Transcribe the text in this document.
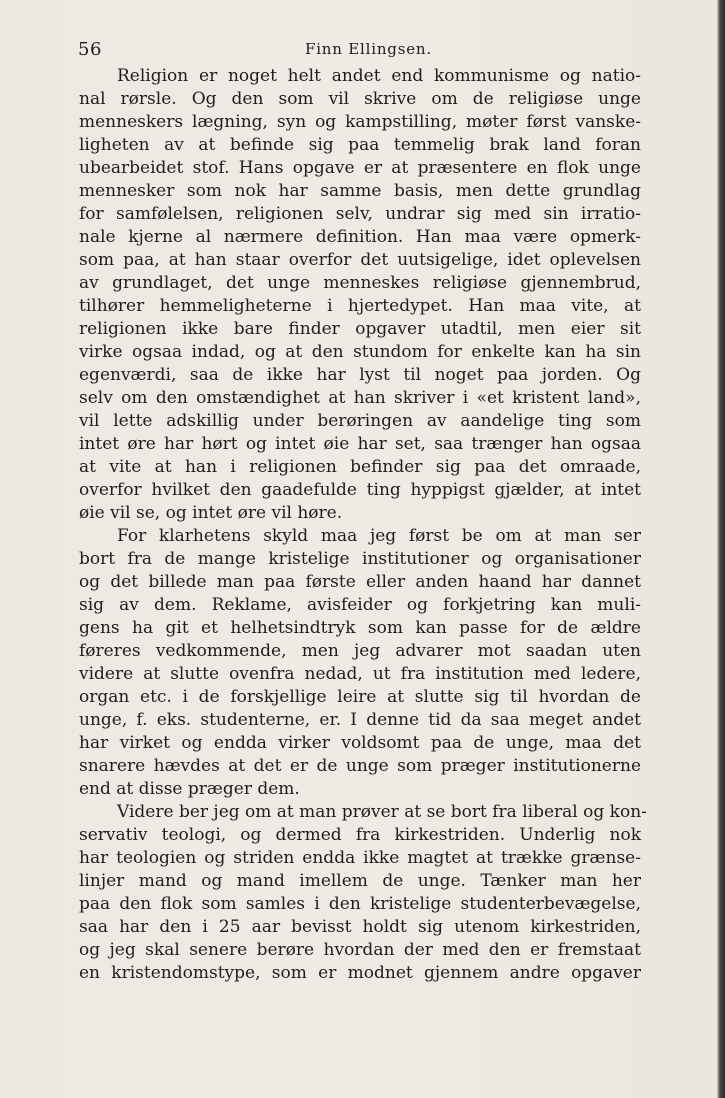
56	Finn Ellingsen.
Religion er noget helt andet end kommunisme og natio-
nal rørsle. Og den som vil skrive om de religiøse unge
menneskers lægning, syn og kampstilling, møter først vanske-
ligheten av at befinde sig paa temmelig brak land foran
ubearbeidet stof. Hans opgave er at præsentere en flok unge
mennesker som nok har samme basis, men dette grundlag
for samfølelsen, religionen selv, undrar sig med sin irratio-
nale kjerne al nærmere definition. Han maa være opmerk-
som paa, at han staar overfor det uutsigelige, idet oplevelsen
av grundlaget, det unge menneskes religiøse gjennembrud,
tilhører hemmeligheterne i hjertedypet. Han maa vite, at
religionen ikke bare finder opgaver utadtil, men eier sit
virke ogsaa indad, og at den stundom for enkelte kan ha sin
egenværdi, saa de ikke har lyst til noget paa jorden. Og
selv om den omstændighet at han skriver i «et kristent land»,
vil lette adskillig under berøringen av aandelige ting som
intet øre har hørt og intet øie har set, saa trænger han ogsaa
at vite at han i religionen befinder sig paa det omraade,
overfor hvilket den gaadefulde ting hyppigst gjælder, at intet
øie vil se, og intet øre vil høre.
For klarhetens skyld maa jeg først be om at man ser
bort fra de mange kristelige institutioner og organisationer
og det billede man paa første eller anden haand har dannet
sig av dem. Reklame, avisfeider og forkjetring kan muli-
gens ha git et helhetsindtryk som kan passe for de ældre
føreres vedkommende, men jeg advarer mot saadan uten
videre at slutte ovenfra nedad, ut fra institution med ledere,
organ etc. i de forskjellige leire at slutte sig til hvordan de
unge, f. eks. studenterne, er. I denne tid da saa meget andet
har virket og endda virker voldsomt paa de unge, maa det
snarere hævdes at det er de unge som præger institutionerne
end at disse præger dem.
Videre ber jeg om at man prøver at se bort fra liberal og kon-
servativ teologi, og dermed fra kirkestriden. Underlig nok
har teologien og striden endda ikke magtet at trække grænse-
linjer mand og mand imellem de unge. Tænker man her
paa den flok som samles i den kristelige studenterbevægelse,
saa har den i 25 aar bevisst holdt sig utenom kirkestriden,
og jeg skal senere berøre hvordan der med den er fremstaat
en kristendomstype, som er modnet gjennem andre opgaver
